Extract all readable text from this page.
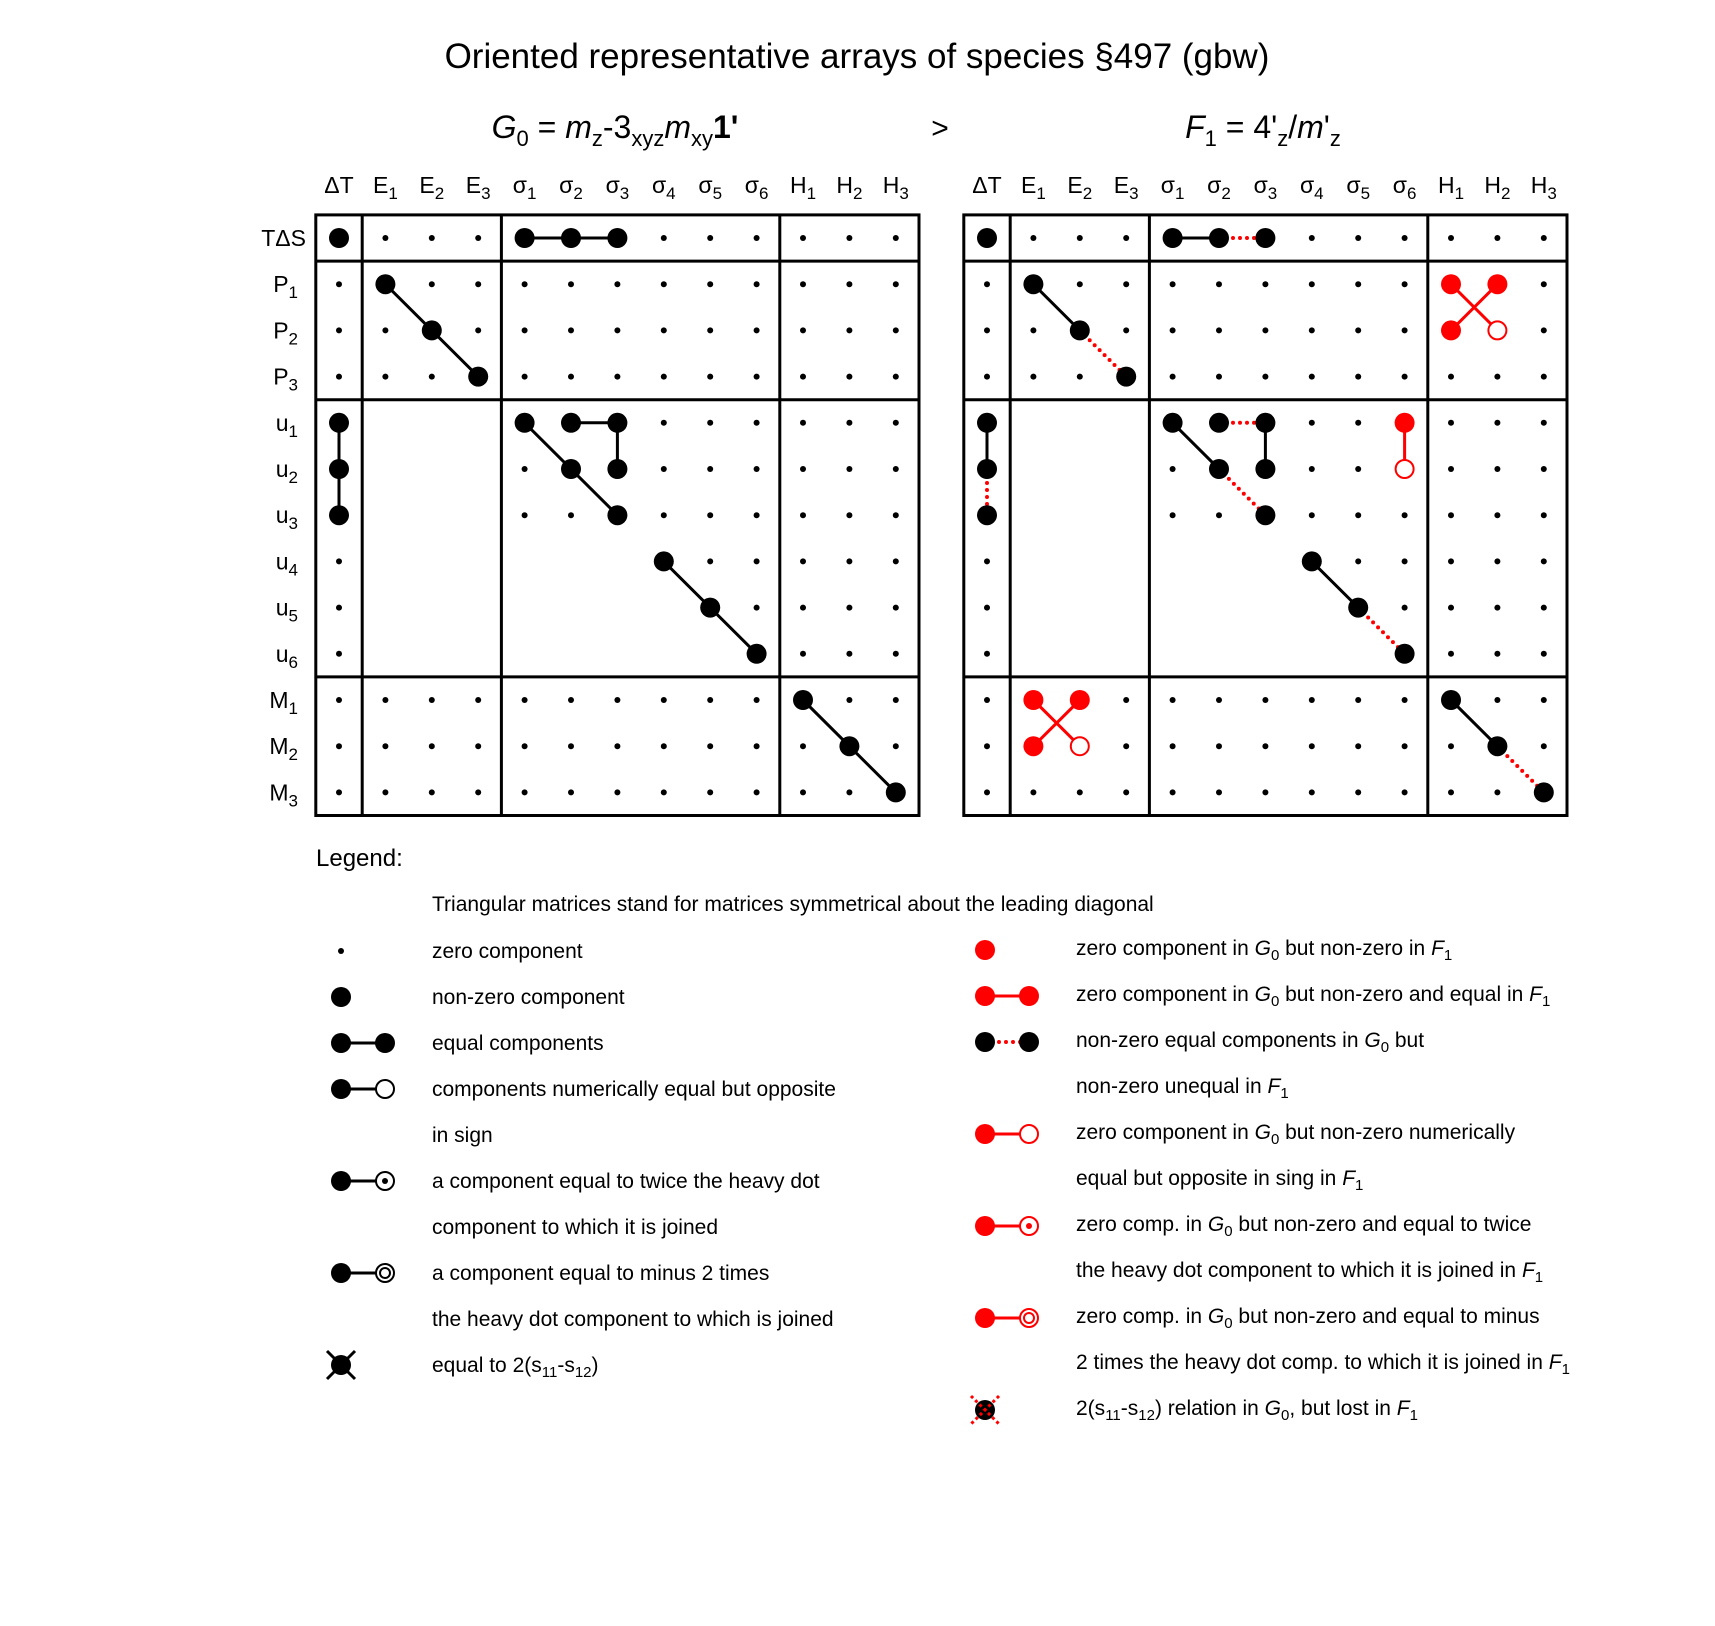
Oriented representative arrays of species §497 (gbw)
G0 = mz-3xyzmxy1'	F1 = 4'z/m'z
>
ΔT E1 E2 E3 σ1 σ2 σ3 σ4 σ5 σ6 H1 H2 H3
TΔS
P1
P2
P3
u1
u2
u3
u4
u5
u6
M1
M2
M3
ΔT E1 E2 E3 σ1 σ2 σ3 σ4 σ5 σ6 H1 H2 H3
Legend:
Triangular matrices stand for matrices symmetrical about the leading diagonal
zero component
non-zero component
equal components
components numerically equal but opposite
in sign
a component equal to twice the heavy dot
component to which it is joined
a component equal to minus 2 times
the heavy dot component to which is joined
equal to 2(s11-s12)
zero component in G0 but non-zero in F1
zero component in G0 but non-zero and equal in F1
non-zero equal components in G0 but
non-zero unequal in F1
zero component in G0 but non-zero numerically
equal but opposite in sing in F1
zero comp. in G0 but non-zero and equal to twice
the heavy dot component to which it is joined in F1
zero comp. in G0 but non-zero and equal to minus
2 times the heavy dot comp. to which it is joined in F1
2(s11-s12) relation in G0, but lost in F1
